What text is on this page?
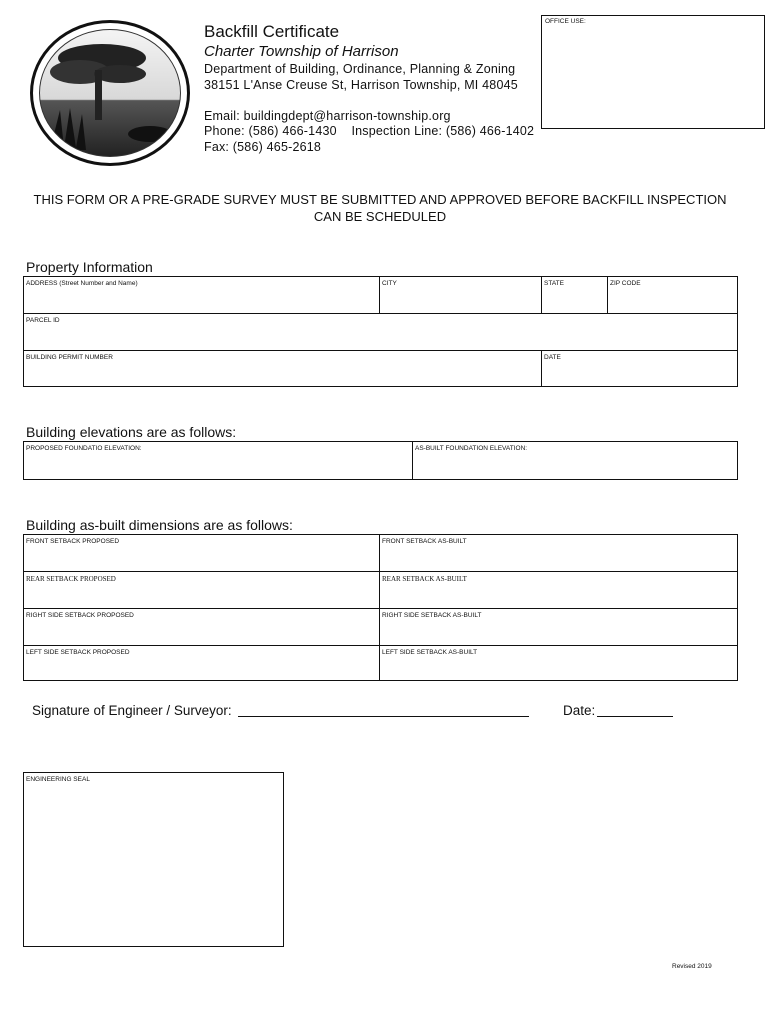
Backfill Certificate
Charter Township of Harrison
Department of Building, Ordinance, Planning & Zoning
38151 L'Anse Creuse St, Harrison Township, MI 48045
Email: buildingdept@harrison-township.org
Phone: (586) 466-1430    Inspection Line: (586) 466-1402
Fax: (586) 465-2618
OFFICE USE:
THIS FORM OR A PRE-GRADE SURVEY MUST BE SUBMITTED AND APPROVED BEFORE BACKFILL INSPECTION CAN BE SCHEDULED
Property Information
ADDRESS (Street Number and Name)	CITY	STATE	ZIP CODE
PARCEL ID
BUILDING PERMIT NUMBER	DATE
Building elevations are as follows:
PROPOSED FOUNDATIO ELEVATION:	AS-BUILT FOUNDATION ELEVATION:
Building as-built dimensions are as follows:
FRONT SETBACK PROPOSED	FRONT SETBACK AS-BUILT
REAR SETBACK PROPOSED	REAR SETBACK AS-BUILT
RIGHT SIDE SETBACK PROPOSED	RIGHT SIDE SETBACK AS-BUILT
LEFT SIDE SETBACK PROPOSED	LEFT SIDE SETBACK AS-BUILT
Signature of Engineer / Surveyor:	Date:
ENGINEERING SEAL
Revised 2019
